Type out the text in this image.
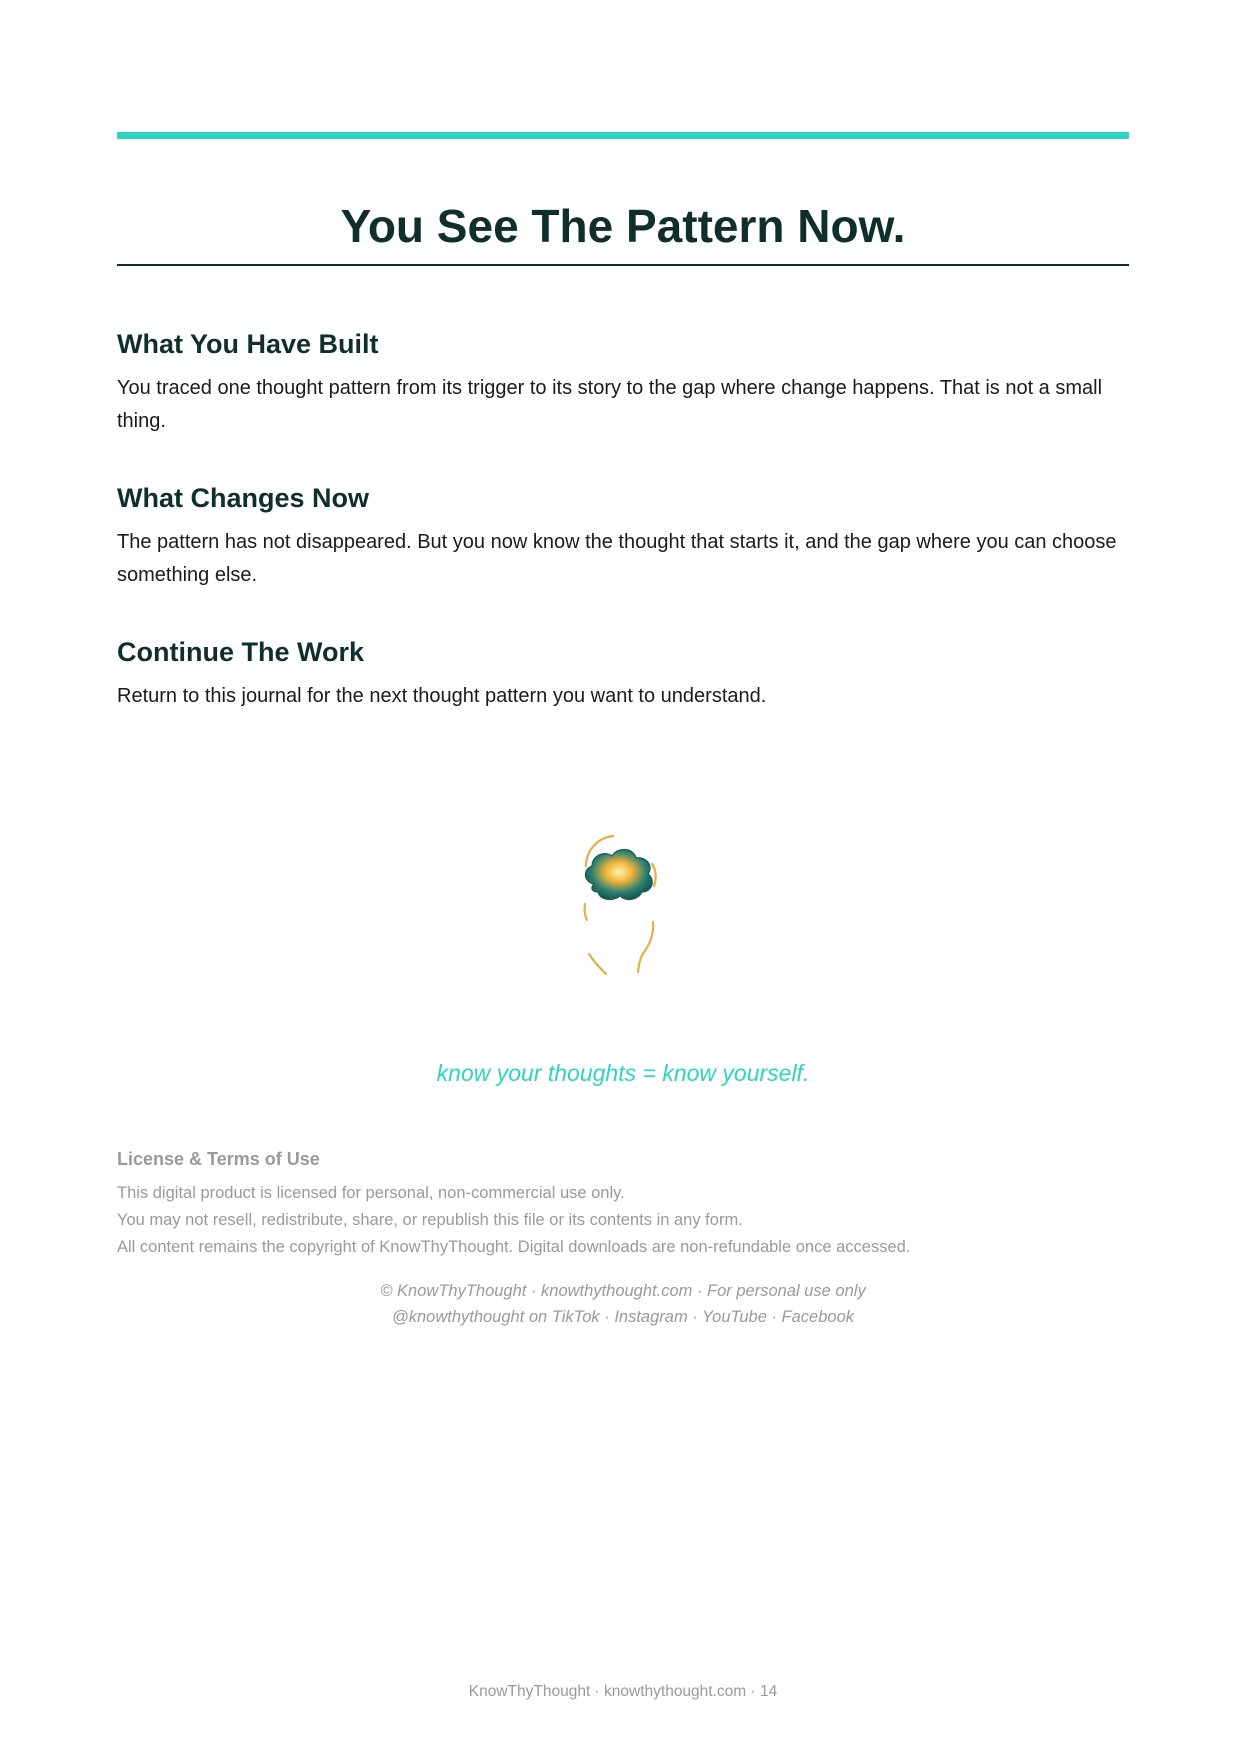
You See The Pattern Now.
What You Have Built

You traced one thought pattern from its trigger to its story to the gap where change happens. That is not a small thing.

What Changes Now

The pattern has not disappeared. But you now know the thought that starts it, and the gap where you can choose something else.

Continue The Work

Return to this journal for the next thought pattern you want to understand.

know your thoughts = know yourself.
License & Terms of Use
This digital product is licensed for personal, non-commercial use only.
You may not resell, redistribute, share, or republish this file or its contents in any form.
All content remains the copyright of KnowThyThought. Digital downloads are non-refundable once accessed.
© KnowThyThought · knowthythought.com · For personal use only
@knowthythought on TikTok · Instagram · YouTube · Facebook
KnowThyThought · knowthythought.com · 14
